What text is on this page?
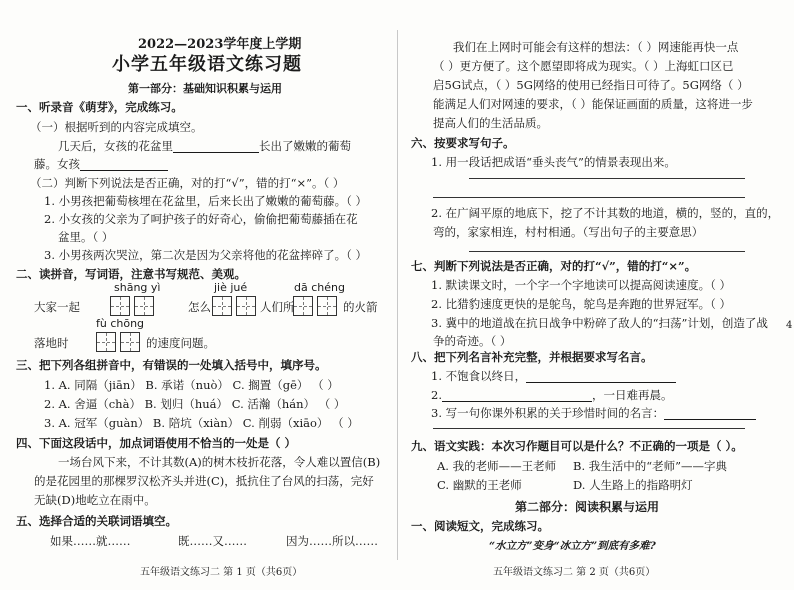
2022—2023学年度上学期
小学五年级语文练习题
第一部分：基础知识积累与运用
一、听录音《萌芽》，完成练习。
（一）根据听到的内容完成填空。
几天后，女孩的花盆里	长出了嫩嫩的葡萄
藤。女孩
（二）判断下列说法是否正确，对的打“√”，错的打“×”。（ ）
1. 小男孩把葡萄核埋在花盆里，后来长出了嫩嫩的葡萄藤。（ ）
2. 小女孩的父亲为了呵护孩子的好奇心，偷偷把葡萄藤插在花
盆里。（ ）
3. 小男孩两次哭泣，第二次是因为父亲将他的花盆摔碎了。（ ）
二、读拼音，写词语，注意书写规范、美观。
shāng yì	jiè jué	dā chéng
大家一起	怎么	人们所	的火箭
fù chōng
落地时	的速度问题。
三、把下列各组拼音中，有错误的一处填入括号中，填序号。
1. A. 同隔（jiān） B. 承诺（nuò） C. 搁置（gē） （ ）
2. A. 舍逼（chà） B. 划归（huá） C. 活瀚（hán） （ ）
3. A. 冠军（guàn） B. 陪坑（xiàn） C. 削弱（xiāo） （ ）
四、下面这段话中，加点词语使用不恰当的一处是（ ）
一场台风下来，不计其数(A)的树木枝折花落，令人难以置信(B)
的是花园里的那棵罗汉松齐头并进(C)，抵抗住了台风的扫荡，完好
无缺(D)地屹立在雨中。
五、选择合适的关联词语填空。
如果……就……	既……又……	因为……所以……
五年级语文练习二 第 1 页（共6页）
我们在上网时可能会有这样的想法：（ ）网速能再快一点
（ ）更方便了。这个愿望即将成为现实。（ ）上海虹口区已
启5G试点，（ ）5G网络的使用已经指日可待了。5G网络（ ）
能满足人们对网速的要求，（ ）能保证画面的质量，这将进一步
提高人们的生活品质。
六、按要求写句子。
1. 用一段话把成语“垂头丧气”的情景表现出来。
2. 在广阔平原的地底下，挖了不计其数的地道，横的，竖的，直的，
弯的，家家相连，村村相通。（写出句子的主要意思）
七、判断下列说法是否正确，对的打“√”，错的打“×”。
1. 默读课文时，一个字一个字地读可以提高阅读速度。（ ）
2. 比猎豹速度更快的是鸵鸟，鸵鸟是奔跑的世界冠军。（ ）
3. 冀中的地道战在抗日战争中粉碎了敌人的“扫荡”计划，创造了战
争的奇迹。（ ）
八、把下列名言补充完整，并根据要求写名言。
1. 不饱食以终日，
2.	，一日难再晨。
3. 写一句你课外积累的关于珍惜时间的名言：
九、语文实践：本次习作题目可以是什么？不正确的一项是（ ）。
A. 我的老师——王老师 B. 我生活中的“老师”——字典
C. 幽默的王老师	D. 人生路上的指路明灯
第二部分：阅读积累与运用
一、阅读短文，完成练习。
“水立方”变身“冰立方”到底有多难?
五年级语文练习二 第 2 页（共6页）
4
